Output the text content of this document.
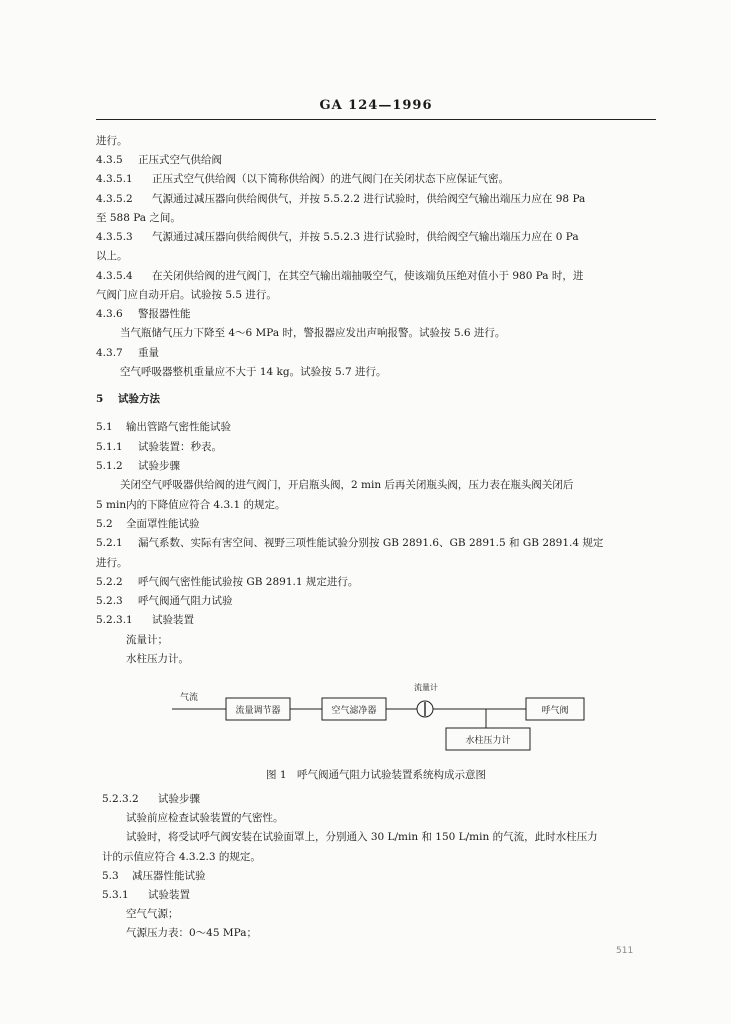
GA 124—1996
进行。
4.3.5 正压式空气供给阀
4.3.5.1 正压式空气供给阀（以下简称供给阀）的进气阀门在关闭状态下应保证气密。
4.3.5.2 气源通过减压器向供给阀供气，并按 5.5.2.2 进行试验时，供给阀空气输出端压力应在 98 Pa
至 588 Pa 之间。
4.3.5.3 气源通过减压器向供给阀供气，并按 5.5.2.3 进行试验时，供给阀空气输出端压力应在 0 Pa
以上。
4.3.5.4 在关闭供给阀的进气阀门，在其空气输出端抽吸空气，使该端负压绝对值小于 980 Pa 时，进
气阀门应自动开启。试验按 5.5 进行。
4.3.6 警报器性能
当气瓶储气压力下降至 4～6 MPa 时，警报器应发出声响报警。试验按 5.6 进行。
4.3.7 重量
空气呼吸器整机重量应不大于 14 kg。试验按 5.7 进行。
5 试验方法
5.1 输出管路气密性能试验
5.1.1 试验装置：秒表。
5.1.2 试验步骤
关闭空气呼吸器供给阀的进气阀门，开启瓶头阀，2 min 后再关闭瓶头阀，压力表在瓶头阀关闭后
5 min内的下降值应符合 4.3.1 的规定。
5.2 全面罩性能试验
5.2.1 漏气系数、实际有害空间、视野三项性能试验分别按 GB 2891.6、GB 2891.5 和 GB 2891.4 规定
进行。
5.2.2 呼气阀气密性能试验按 GB 2891.1 规定进行。
5.2.3 呼气阀通气阻力试验
5.2.3.1 试验装置
流量计；
水柱压力计。
气流
流量调节器	空气滤净器
流量计
呼气阀
水柱压力计
图 1　呼气阀通气阻力试验装置系统构成示意图
5.2.3.2 试验步骤
试验前应检查试验装置的气密性。
试验时，将受试呼气阀安装在试验面罩上，分别通入 30 L/min 和 150 L/min 的气流，此时水柱压力
计的示值应符合 4.3.2.3 的规定。
5.3 减压器性能试验
5.3.1 试验装置
空气气源；
气源压力表：0～45 MPa；
511
